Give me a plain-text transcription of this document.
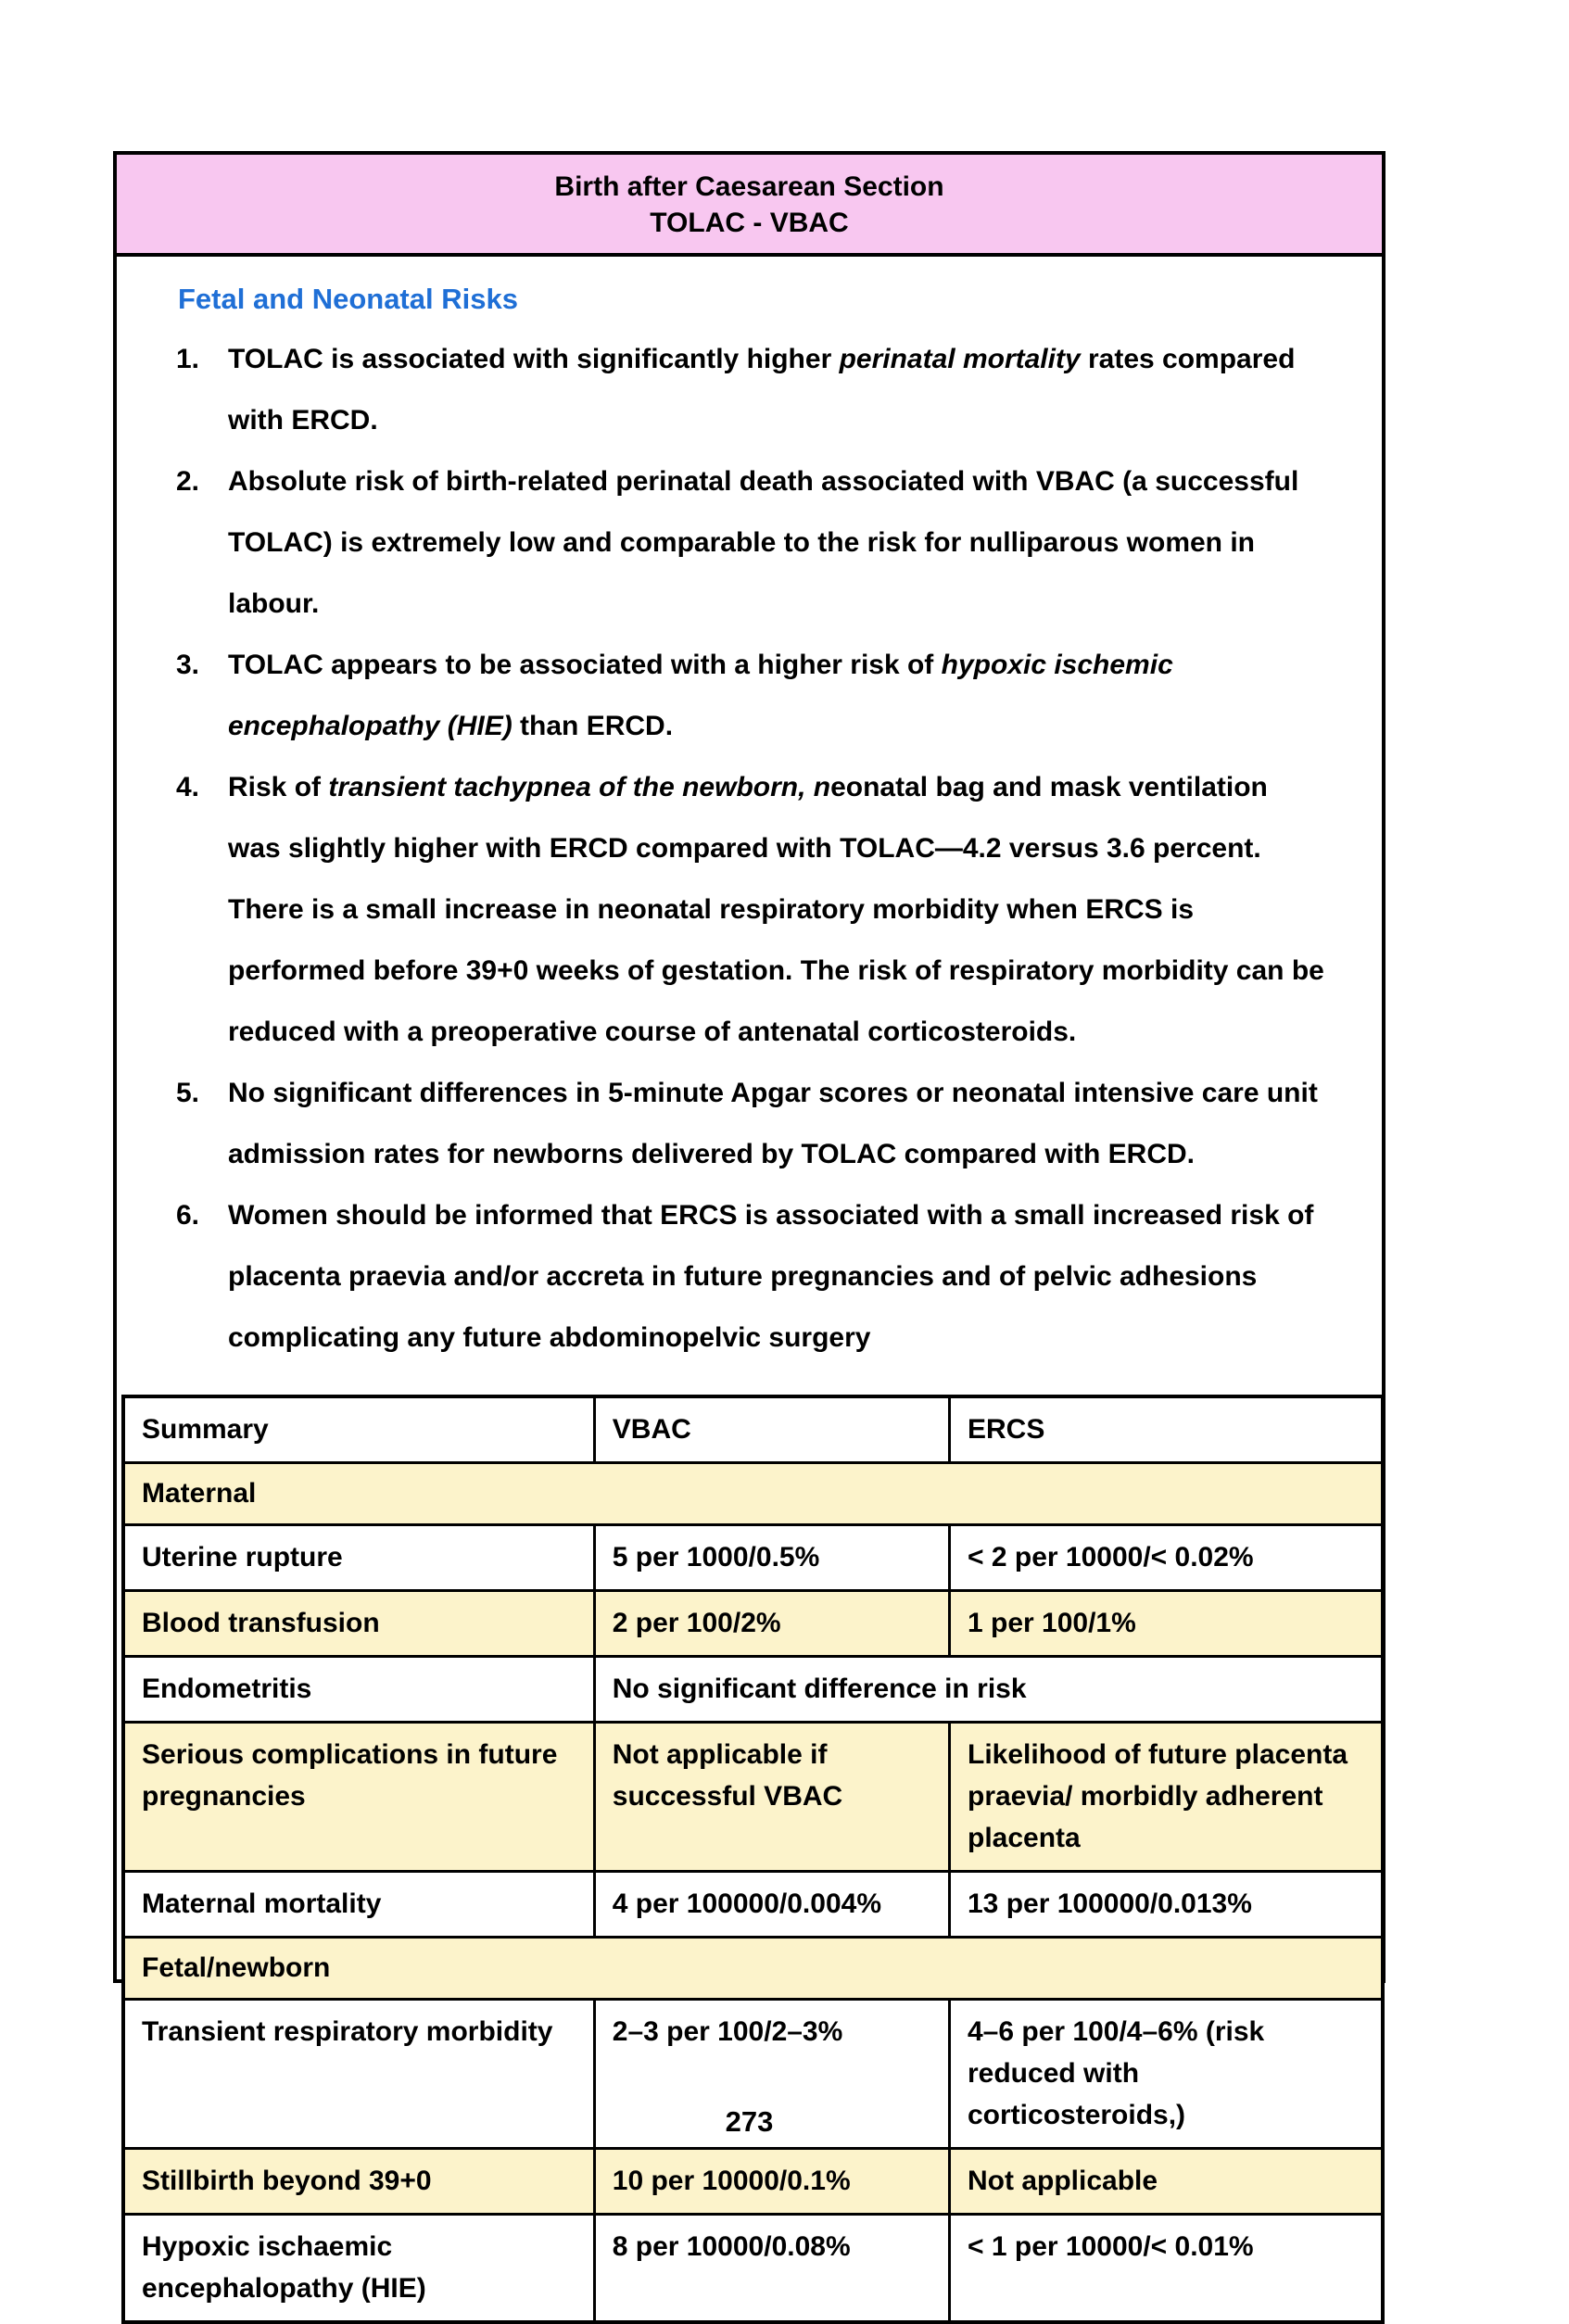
Birth after Caesarean Section
TOLAC - VBAC
Fetal and Neonatal Risks
1.	TOLAC is associated with significantly higher perinatal mortality rates compared with ERCD.
2.	Absolute risk of birth-related perinatal death associated with VBAC (a successful TOLAC) is extremely low and comparable to the risk for nulliparous women in labour.
3.	TOLAC appears to be associated with a higher risk of hypoxic ischemic encephalopathy (HIE) than ERCD.
4.	Risk of transient tachypnea of the newborn, neonatal bag and mask ventilation was slightly higher with ERCD compared with TOLAC—4.2 versus 3.6 percent. There is a small increase in neonatal respiratory morbidity when ERCS is performed before 39+0 weeks of gestation. The risk of respiratory morbidity can be reduced with a preoperative course of antenatal corticosteroids.
5.	No significant differences in 5-minute Apgar scores or neonatal intensive care unit admission rates for newborns delivered by TOLAC compared with ERCD.
6.	Women should be informed that ERCS is associated with a small increased risk of placenta praevia and/or accreta in future pregnancies and of pelvic adhesions complicating any future abdominopelvic surgery
Summary	VBAC	ERCS
Maternal		
Uterine rupture	5 per 1000/0.5%	< 2 per 10000/< 0.02%
Blood transfusion	2 per 100/2%	1 per 100/1%
Endometritis	No significant difference in risk	
Serious complications in future pregnancies	Not applicable if successful VBAC	Likelihood of future placenta praevia/ morbidly adherent placenta
Maternal mortality	4 per 100000/0.004%	13 per 100000/0.013%
Fetal/newborn		
Transient respiratory morbidity	2–3 per 100/2–3%	4–6 per 100/4–6% (risk reduced with corticosteroids,)
Stillbirth beyond 39+0	10 per 10000/0.1%	Not applicable
Hypoxic ischaemic encephalopathy (HIE)	8 per 10000/0.08%	< 1 per 10000/< 0.01%
273
